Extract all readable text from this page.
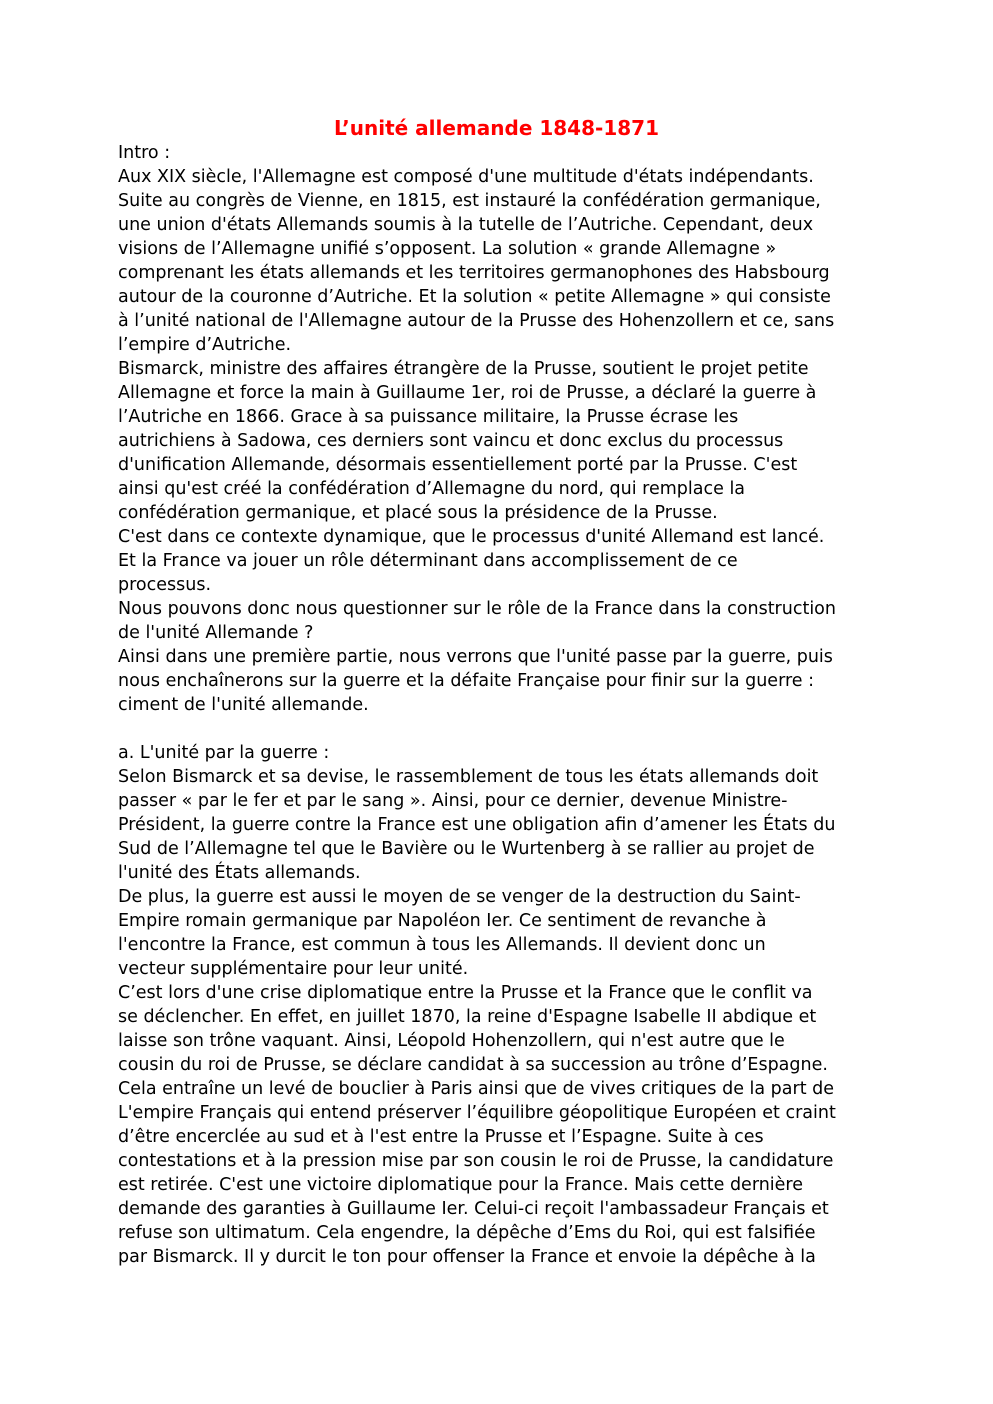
L’unité allemande 1848-1871
Intro :
Aux XIX siècle, l'Allemagne est composé d'une multitude d'états indépendants.
Suite au congrès de Vienne, en 1815, est instauré la confédération germanique,
une union d'états Allemands soumis à la tutelle de l’Autriche. Cependant, deux
visions de l’Allemagne unifié s’opposent. La solution « grande Allemagne »
comprenant les états allemands et les territoires germanophones des Habsbourg
autour de la couronne d’Autriche. Et la solution « petite Allemagne » qui consiste
à l’unité national de l'Allemagne autour de la Prusse des Hohenzollern et ce, sans
l’empire d’Autriche.
Bismarck, ministre des affaires étrangère de la Prusse, soutient le projet petite
Allemagne et force la main à Guillaume 1er, roi de Prusse, a déclaré la guerre à
l’Autriche en 1866. Grace à sa puissance militaire, la Prusse écrase les
autrichiens à Sadowa, ces derniers sont vaincu et donc exclus du processus
d'unification Allemande, désormais essentiellement porté par la Prusse. C'est
ainsi qu'est créé la confédération d’Allemagne du nord, qui remplace la
confédération germanique, et placé sous la présidence de la Prusse.
C'est dans ce contexte dynamique, que le processus d'unité Allemand est lancé.
Et la France va jouer un rôle déterminant dans accomplissement de ce
processus.
Nous pouvons donc nous questionner sur le rôle de la France dans la construction
de l'unité Allemande ?
Ainsi dans une première partie, nous verrons que l'unité passe par la guerre, puis
nous enchaînerons sur la guerre et la défaite Française pour finir sur la guerre :
ciment de l'unité allemande.

a. L'unité par la guerre :
Selon Bismarck et sa devise, le rassemblement de tous les états allemands doit
passer « par le fer et par le sang ». Ainsi, pour ce dernier, devenue Ministre-
Président, la guerre contre la France est une obligation afin d’amener les États du
Sud de l’Allemagne tel que le Bavière ou le Wurtenberg à se rallier au projet de
l'unité des États allemands.
De plus, la guerre est aussi le moyen de se venger de la destruction du Saint-
Empire romain germanique par Napoléon Ier. Ce sentiment de revanche à
l'encontre la France, est commun à tous les Allemands. Il devient donc un
vecteur supplémentaire pour leur unité.
C’est lors d'une crise diplomatique entre la Prusse et la France que le conflit va
se déclencher. En effet, en juillet 1870, la reine d'Espagne Isabelle II abdique et
laisse son trône vaquant. Ainsi, Léopold Hohenzollern, qui n'est autre que le
cousin du roi de Prusse, se déclare candidat à sa succession au trône d’Espagne.
Cela entraîne un levé de bouclier à Paris ainsi que de vives critiques de la part de
L'empire Français qui entend préserver l’équilibre géopolitique Européen et craint
d’être encerclée au sud et à l'est entre la Prusse et l’Espagne. Suite à ces
contestations et à la pression mise par son cousin le roi de Prusse, la candidature
est retirée. C'est une victoire diplomatique pour la France. Mais cette dernière
demande des garanties à Guillaume Ier. Celui-ci reçoit l'ambassadeur Français et
refuse son ultimatum. Cela engendre, la dépêche d’Ems du Roi, qui est falsifiée
par Bismarck. Il y durcit le ton pour offenser la France et envoie la dépêche à la
